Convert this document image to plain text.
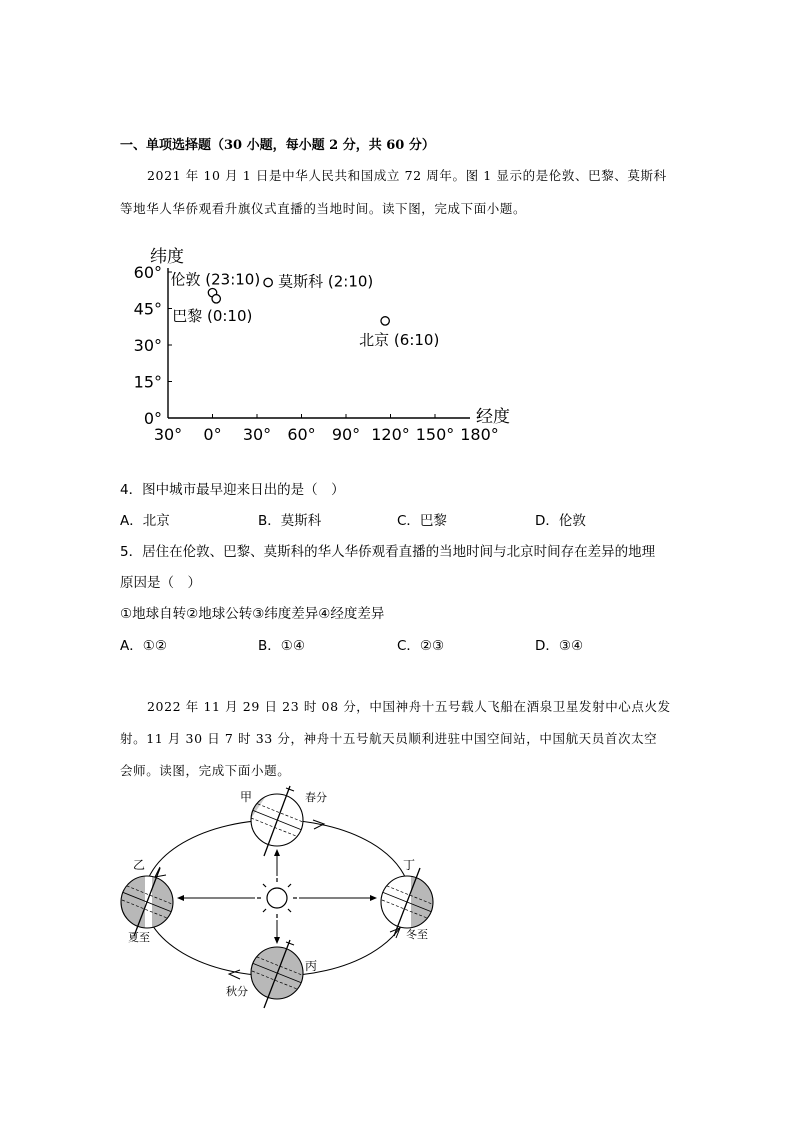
一、单项选择题（30 小题，每小题 2 分，共 60 分）
2021 年 10 月 1 日是中华人民共和国成立 72 周年。图 1 显示的是伦敦、巴黎、莫斯科
等地华人华侨观看升旗仪式直播的当地时间。读下图，完成下面小题。
纬度
经度
30° 0° 30° 60° 90° 120° 150° 180°
60°
45°
30°
15°
0°
伦敦 (23:10)
巴黎 (0:10)
莫斯科 (2:10)
北京 (6:10)
4．图中城市最早迎来日出的是（　）
A．北京	B．莫斯科	C．巴黎	D．伦敦
5．居住在伦敦、巴黎、莫斯科的华人华侨观看直播的当地时间与北京时间存在差异的地理
原因是（　）
①地球自转②地球公转③纬度差异④经度差异
A．①②	B．①④	C．②③	D．③④
2022 年 11 月 29 日 23 时 08 分，中国神舟十五号载人飞船在酒泉卫星发射中心点火发
射。11 月 30 日 7 时 33 分，神舟十五号航天员顺利进驻中国空间站，中国航天员首次太空
会师。读图，完成下面小题。
甲	春分
乙
夏至
丁
冬至
丙
秋分
